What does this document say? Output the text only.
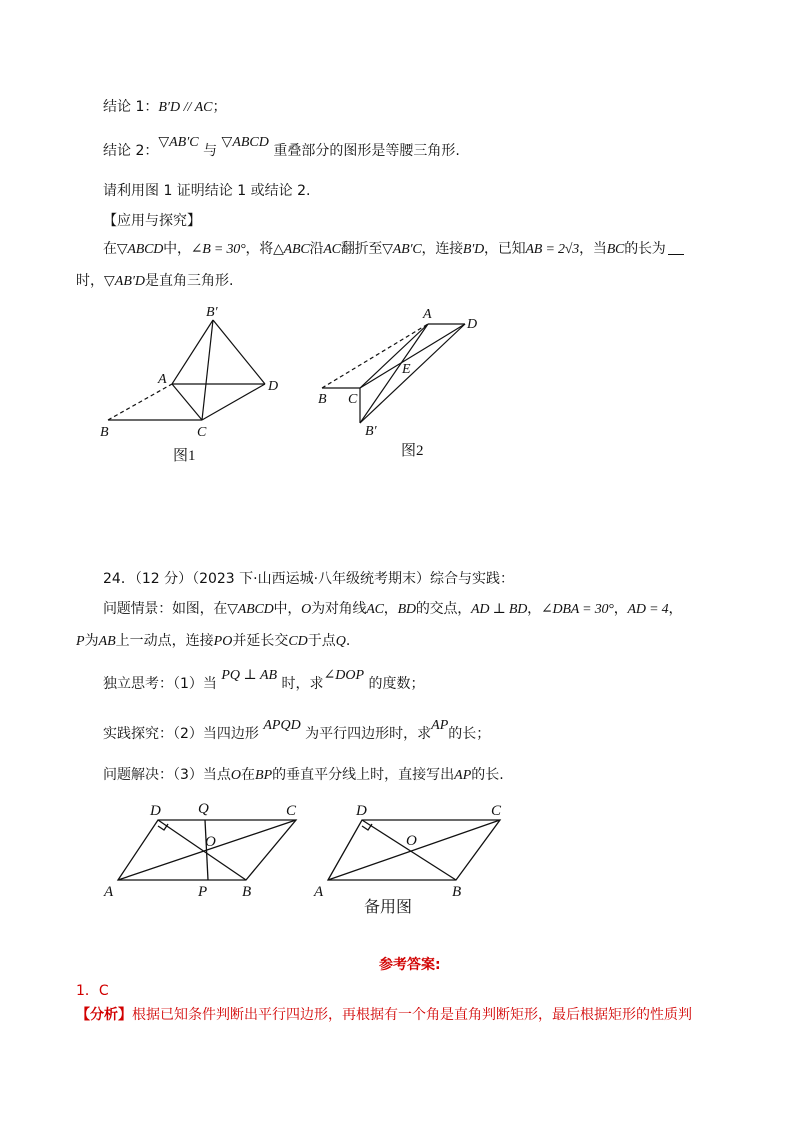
结论 1：B′D // AC；
结论 2：▽AB′C 与 ▽ABCD 重叠部分的图形是等腰三角形.
请利用图 1 证明结论 1 或结论 2.
【应用与探究】
在▽ABCD中，∠B = 30°，将△ABC沿AC翻折至▽AB′C，连接B′D，已知AB = 2√3，当BC的长为
时，▽AB′D是直角三角形.
B′
A	D
B	C
图1
A
D
E
B C
B′
图2
24．（12 分）（2023 下·山西运城·八年级统考期末）综合与实践：
问题情景：如图，在▽ABCD中，O为对角线AC，BD的交点，AD ⊥ BD，∠DBA = 30°，AD = 4，
P为AB上一动点，连接PO并延长交CD于点Q.
独立思考：（1）当 PQ ⊥ AB 时，求∠DOP 的度数；
实践探究：（2）当四边形 APQD 为平行四边形时，求AP的长；
问题解决：（3）当点O在BP的垂直平分线上时，直接写出AP的长.
D Q	C
O
A	P B
D	C
O
A	B
备用图
参考答案:
1．C
【分析】根据已知条件判断出平行四边形，再根据有一个角是直角判断矩形，最后根据矩形的性质判
